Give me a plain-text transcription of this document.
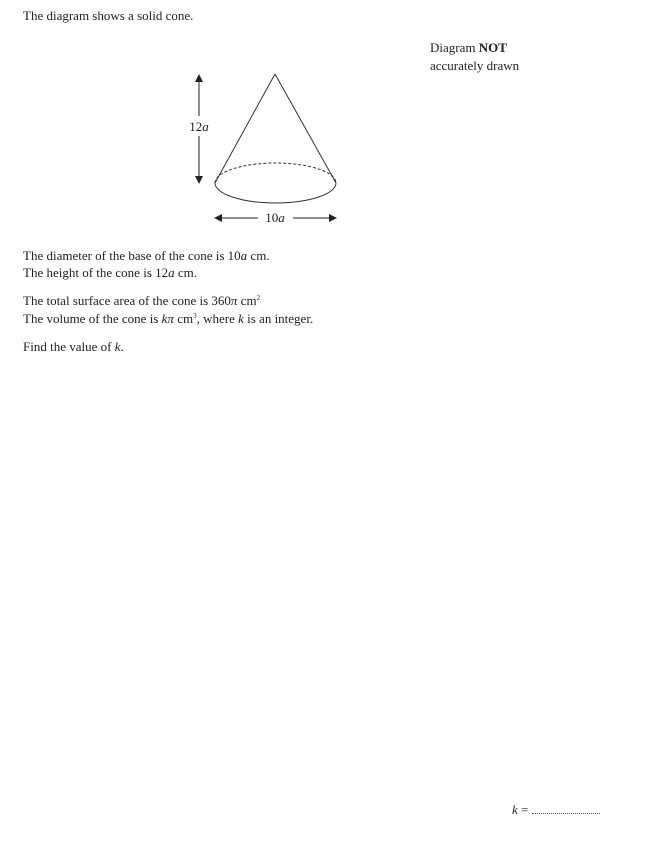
The diagram shows a solid cone.
Diagram NOT
accurately drawn
12a
10a
The diameter of the base of the cone is 10a cm.
The height of the cone is 12a cm.
The total surface area of the cone is 360π $cm^2$
The volume of the cone is kπ $cm^3$, where k is an integer.
Find the value of k.
k =
